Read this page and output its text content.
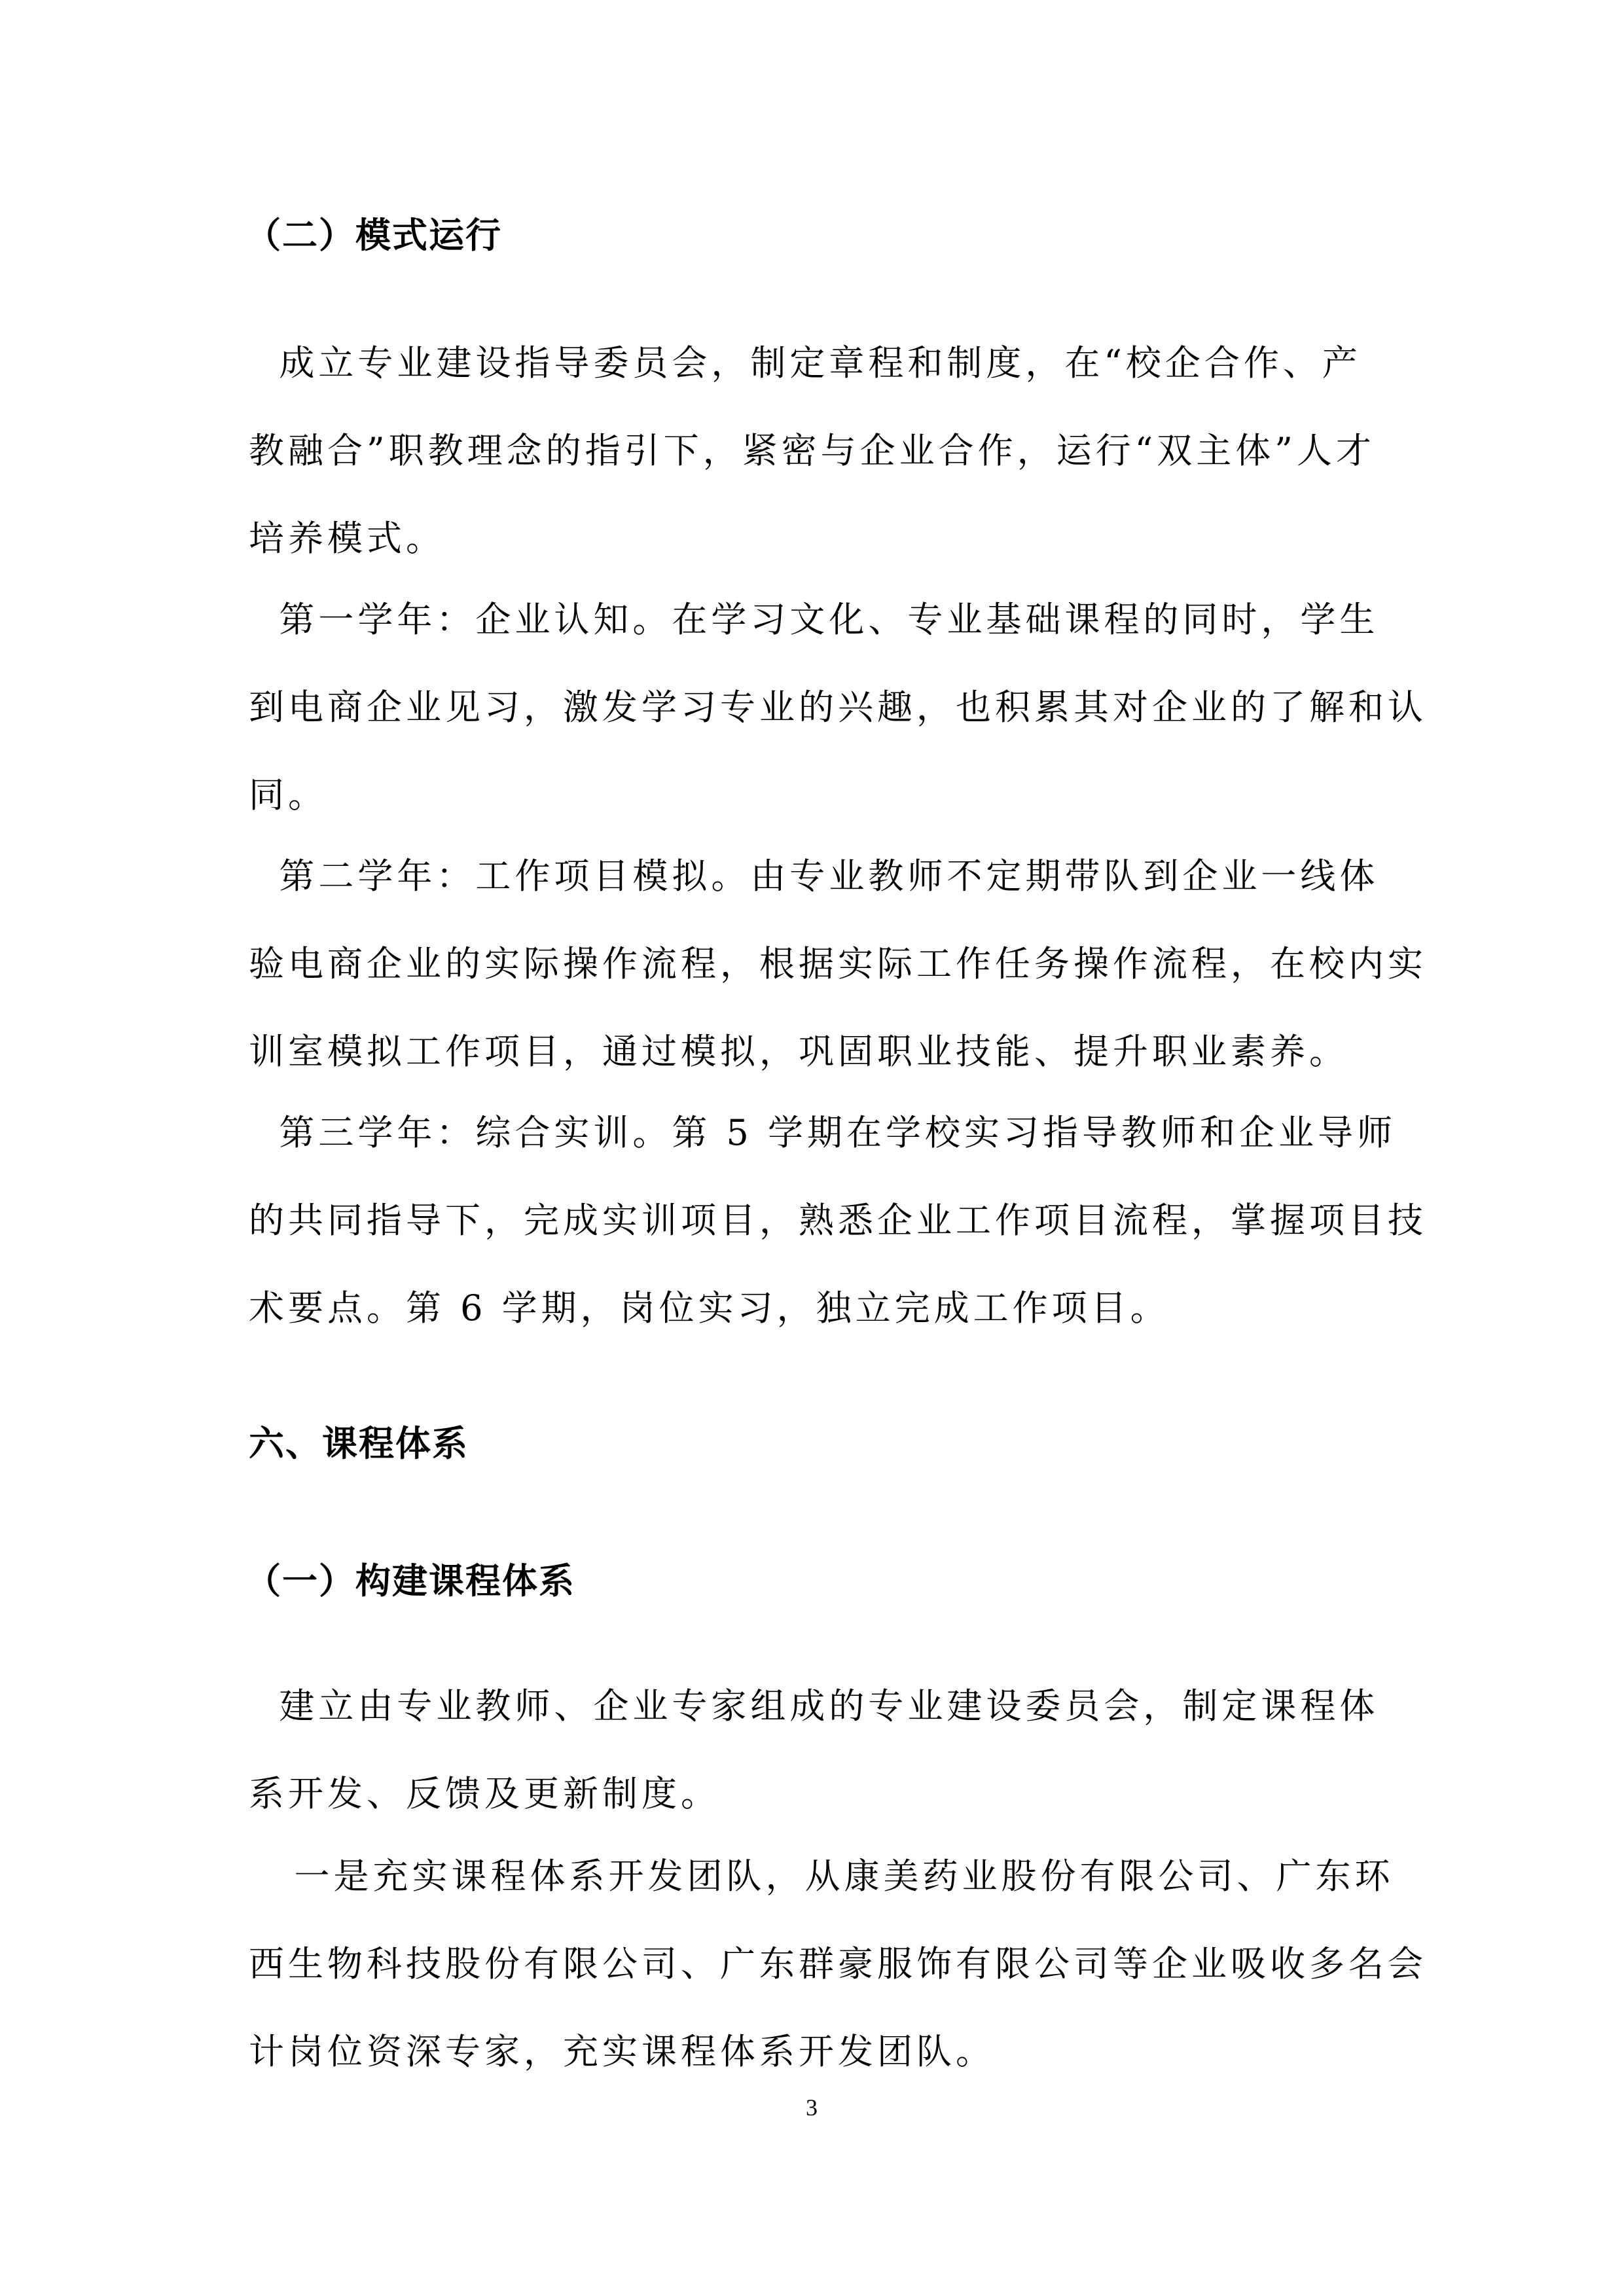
（二）模式运行

成立专业建设指导委员会，制定章程和制度，在“校企合作、产
教融合”职教理念的指引下，紧密与企业合作，运行“双主体”人才
培养模式。

第一学年：企业认知。在学习文化、专业基础课程的同时，学生
到电商企业见习，激发学习专业的兴趣，也积累其对企业的了解和认
同。

第二学年：工作项目模拟。由专业教师不定期带队到企业一线体
验电商企业的实际操作流程，根据实际工作任务操作流程，在校内实
训室模拟工作项目，通过模拟，巩固职业技能、提升职业素养。

第三学年：综合实训。第 5 学期在学校实习指导教师和企业导师
的共同指导下，完成实训项目，熟悉企业工作项目流程，掌握项目技
术要点。第 6 学期，岗位实习，独立完成工作项目。

六、课程体系
（一）构建课程体系

建立由专业教师、企业专家组成的专业建设委员会，制定课程体
系开发、反馈及更新制度。

一是充实课程体系开发团队，从康美药业股份有限公司、广东环
西生物科技股份有限公司、广东群豪服饰有限公司等企业吸收多名会
计岗位资深专家，充实课程体系开发团队。

3
